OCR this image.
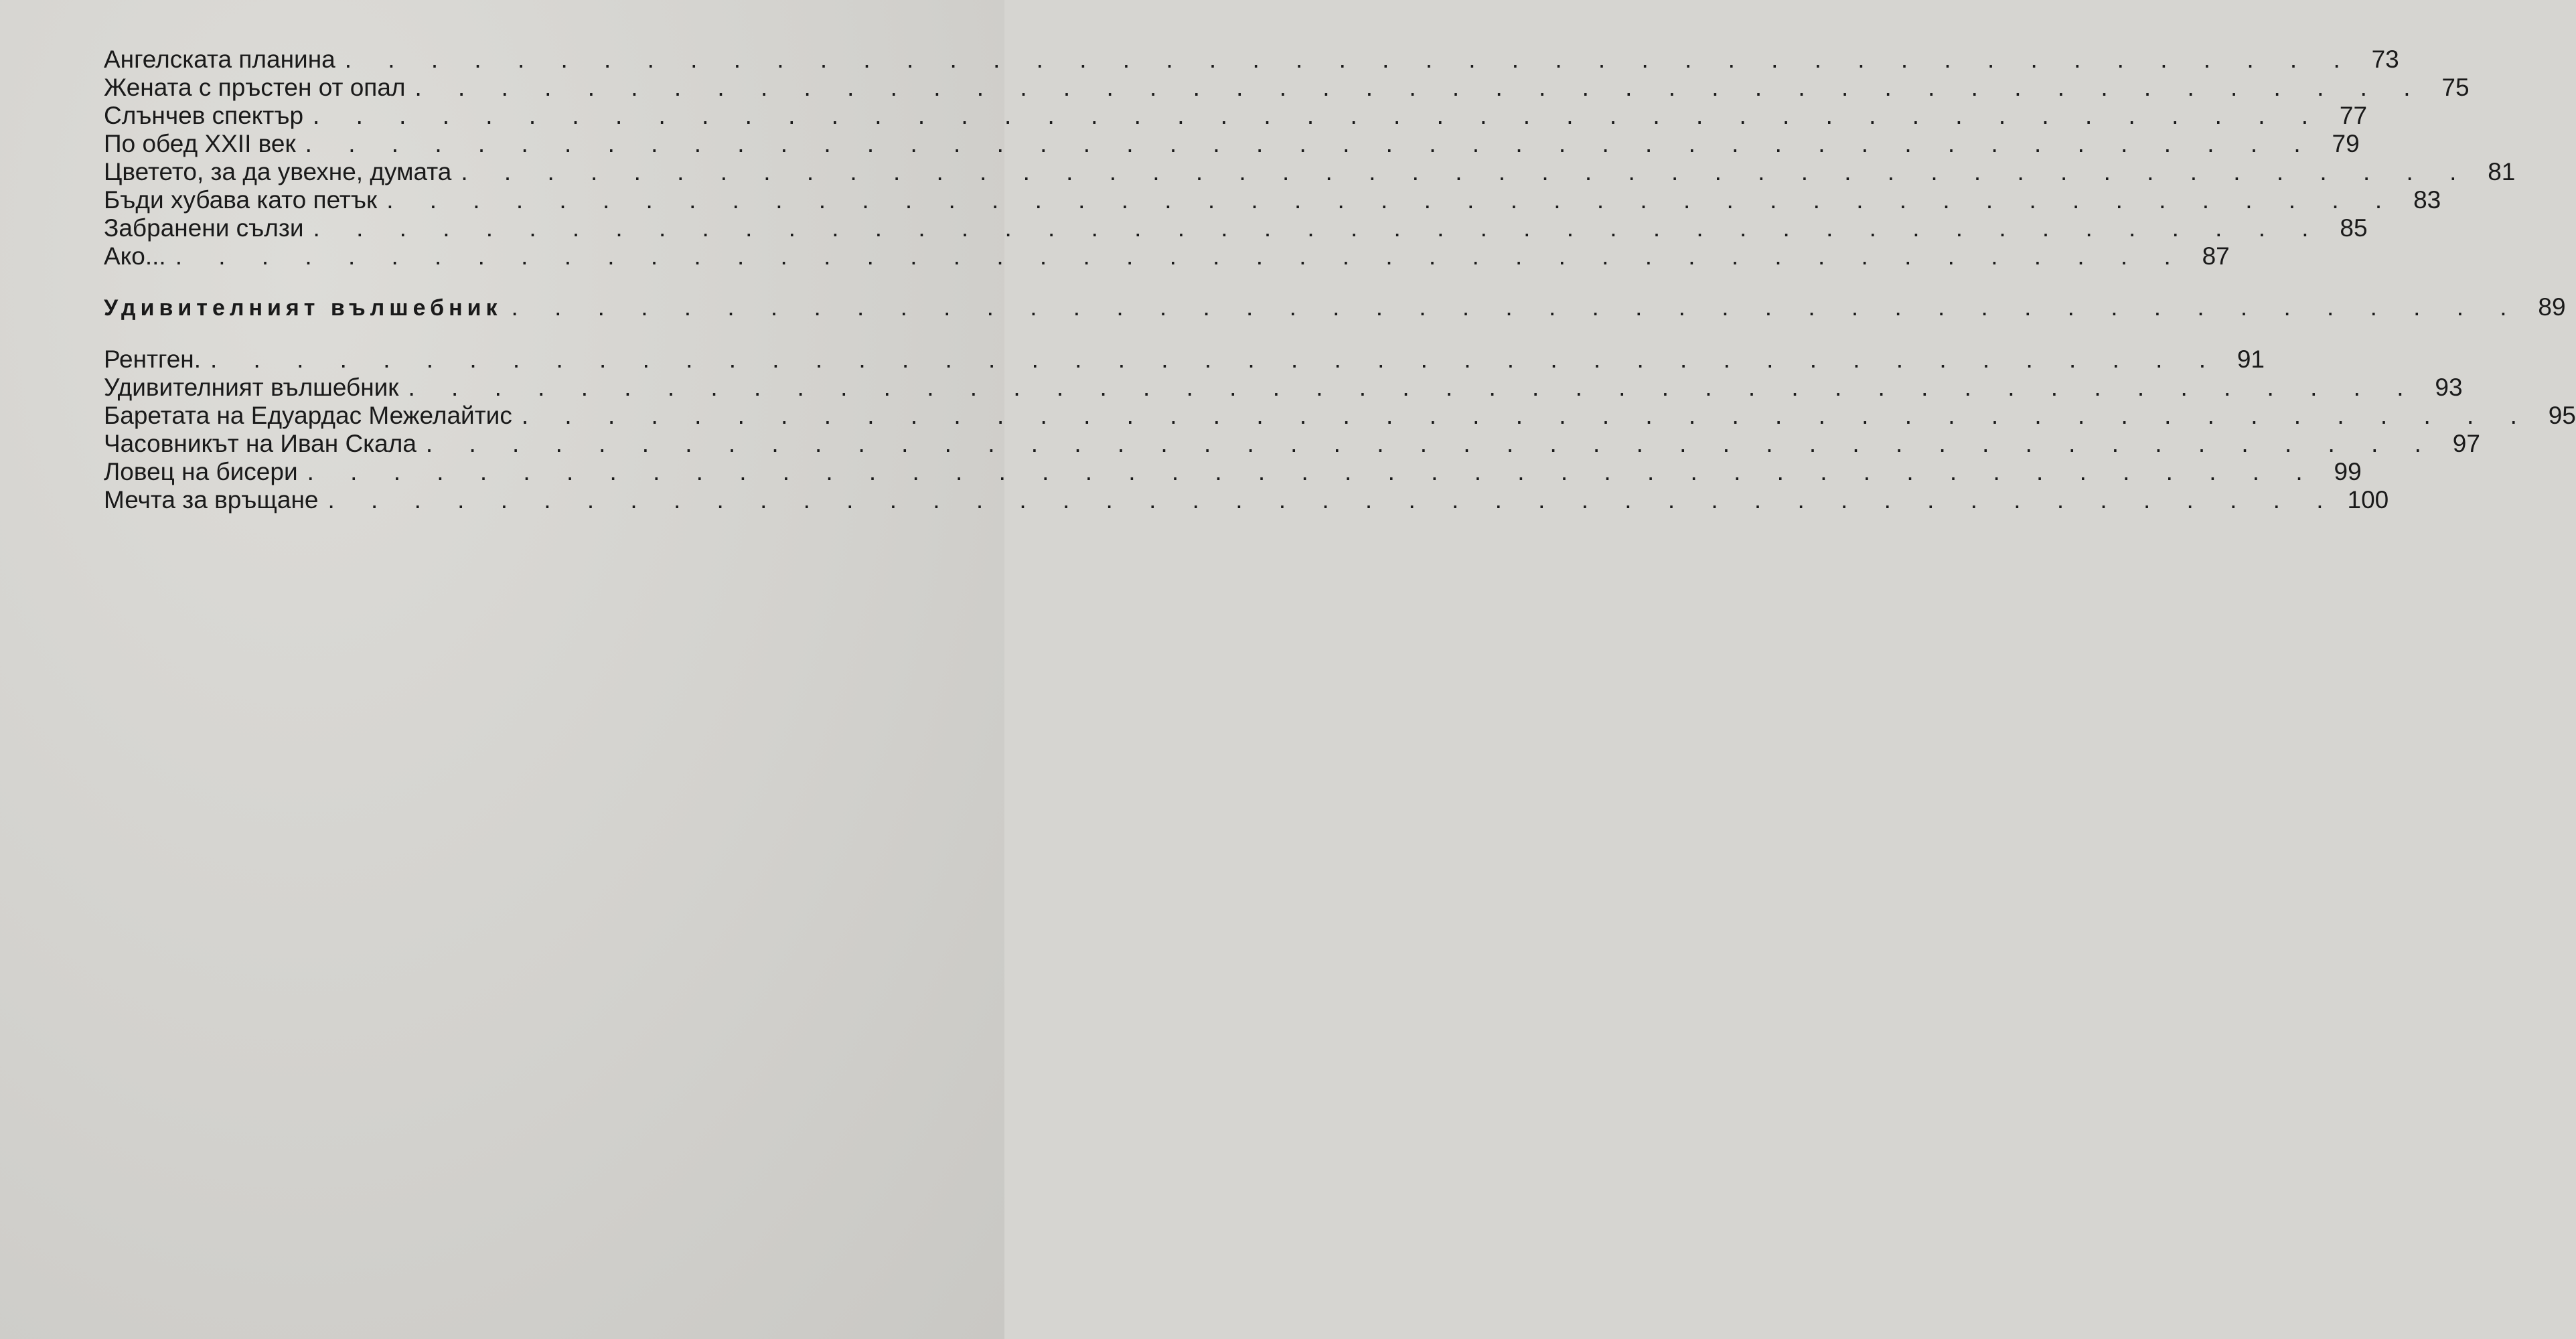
Ангелската планина . . . . . . . . . . . . . . . . . . . . . . . . . . . . . . . . . . . . . . . . . . . . . . . 73
Жената с пръстен от опал . . . . . . . . . . . . . . . . . . . . . . . . . . . . . . . . . . . . . . . . . . . . . . . 75
Слънчев спектър . . . . . . . . . . . . . . . . . . . . . . . . . . . . . . . . . . . . . . . . . . . . . . . 77
По обед XXII век . . . . . . . . . . . . . . . . . . . . . . . . . . . . . . . . . . . . . . . . . . . . . . . 79
Цветето, за да увехне, думата . . . . . . . . . . . . . . . . . . . . . . . . . . . . . . . . . . . . . . . . . . . . . . . 81
Бъди хубава като петък . . . . . . . . . . . . . . . . . . . . . . . . . . . . . . . . . . . . . . . . . . . . . . . 83
Забранени сълзи . . . . . . . . . . . . . . . . . . . . . . . . . . . . . . . . . . . . . . . . . . . . . . . 85
Ако... . . . . . . . . . . . . . . . . . . . . . . . . . . . . . . . . . . . . . . . . . . . . . . . 87
Удивителният вълшебник . . . . . . . . . . . . . . . . . . . . . . . . . . . . . . . . . . . . . . . . . . . . . . . 89
Рентген. . . . . . . . . . . . . . . . . . . . . . . . . . . . . . . . . . . . . . . . . . . . . . . . 91
Удивителният вълшебник . . . . . . . . . . . . . . . . . . . . . . . . . . . . . . . . . . . . . . . . . . . . . . . 93
Баретата на Едуардас Межелайтис . . . . . . . . . . . . . . . . . . . . . . . . . . . . . . . . . . . . . . . . . . . . . . . 95
Часовникът на Иван Скала . . . . . . . . . . . . . . . . . . . . . . . . . . . . . . . . . . . . . . . . . . . . . . . 97
Ловец на бисери . . . . . . . . . . . . . . . . . . . . . . . . . . . . . . . . . . . . . . . . . . . . . . . 99
Мечта за връщане . . . . . . . . . . . . . . . . . . . . . . . . . . . . . . . . . . . . . . . . . . . . . . . 100
